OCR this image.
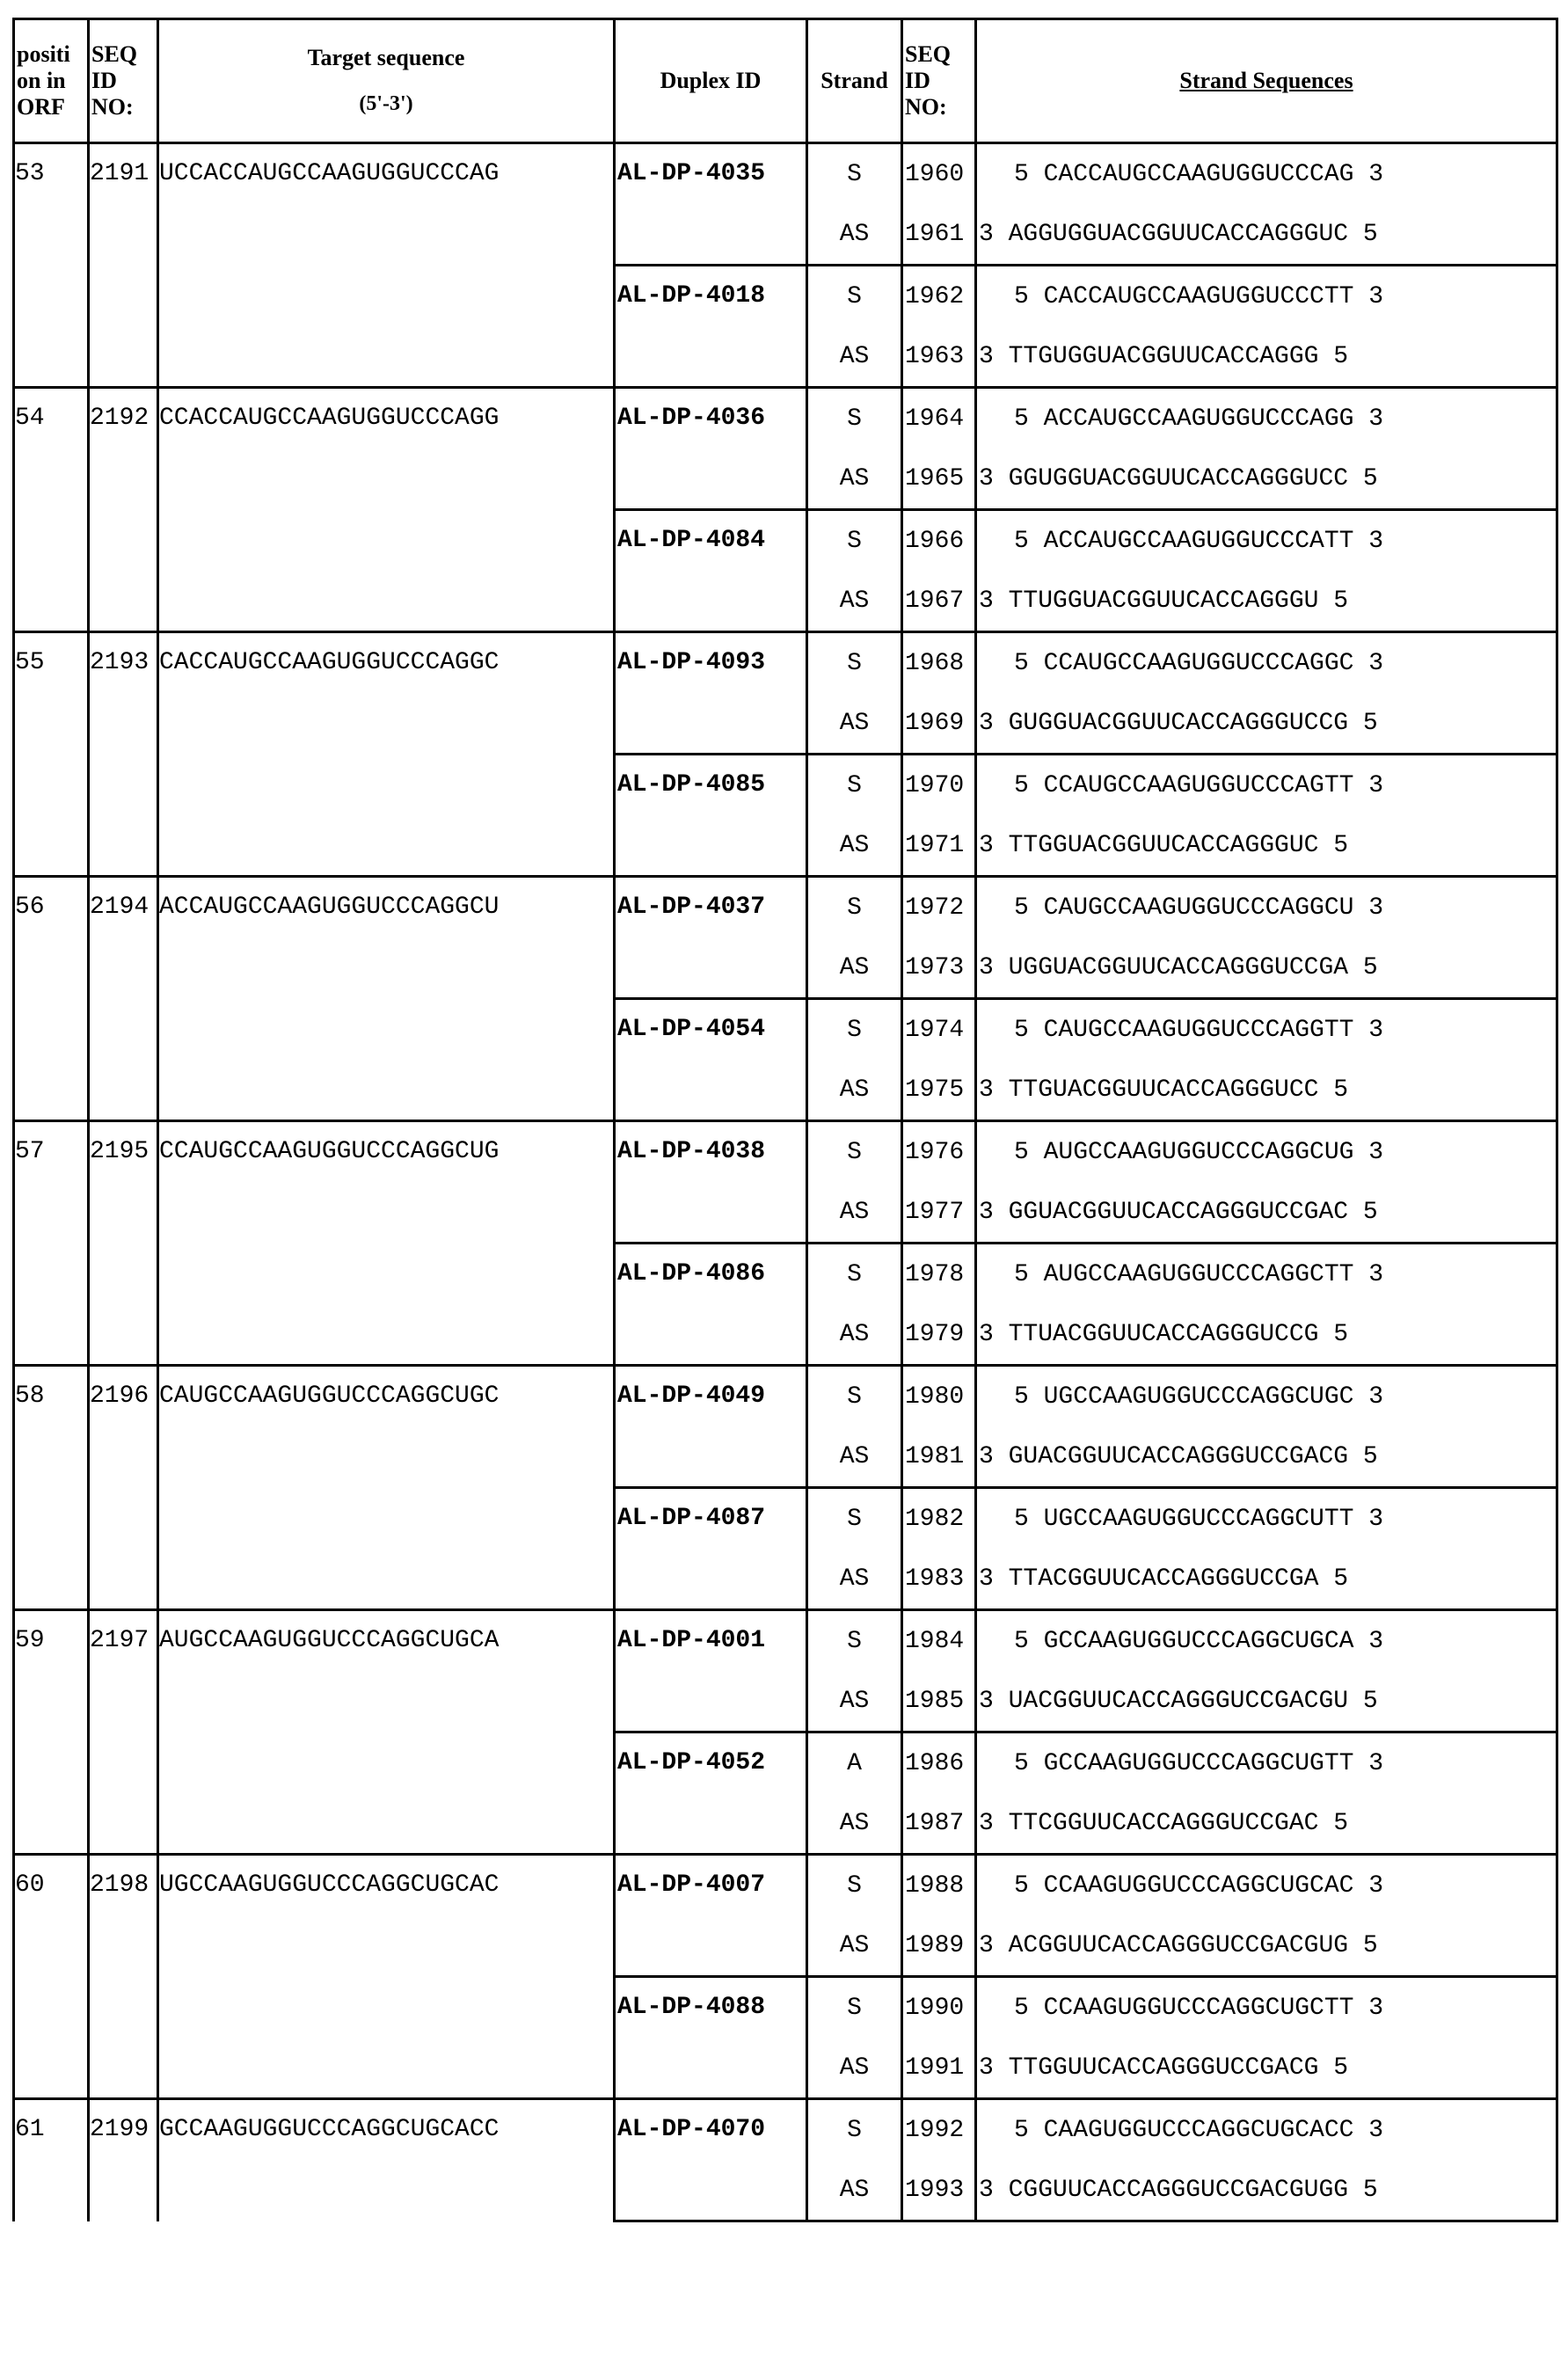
positi on in ORF	SEQ ID NO:	Target sequence
(5'-3')
	Duplex ID	Strand	SEQ ID NO:	Strand Sequences
53	2191	UCCACCAUGCCAAGUGGUCCCAG	AL-DP-4035	S	1960	5 CACCAUGCCAAGUGGUCCCAG 3
AS	1961	3 AGGUGGUACGGUUCACCAGGGUC 5
AL-DP-4018	S	1962	5 CACCAUGCCAAGUGGUCCCTT 3
AS	1963	3 TTGUGGUACGGUUCACCAGGG 5
54	2192	CCACCAUGCCAAGUGGUCCCAGG	AL-DP-4036	S	1964	5 ACCAUGCCAAGUGGUCCCAGG 3
AS	1965	3 GGUGGUACGGUUCACCAGGGUCC 5
AL-DP-4084	S	1966	5 ACCAUGCCAAGUGGUCCCATT 3
AS	1967	3 TTUGGUACGGUUCACCAGGGU 5
55	2193	CACCAUGCCAAGUGGUCCCAGGC	AL-DP-4093	S	1968	5 CCAUGCCAAGUGGUCCCAGGC 3
AS	1969	3 GUGGUACGGUUCACCAGGGUCCG 5
AL-DP-4085	S	1970	5 CCAUGCCAAGUGGUCCCAGTT 3
AS	1971	3 TTGGUACGGUUCACCAGGGUC 5
56	2194	ACCAUGCCAAGUGGUCCCAGGCU	AL-DP-4037	S	1972	5 CAUGCCAAGUGGUCCCAGGCU 3
AS	1973	3 UGGUACGGUUCACCAGGGUCCGA 5
AL-DP-4054	S	1974	5 CAUGCCAAGUGGUCCCAGGTT 3
AS	1975	3 TTGUACGGUUCACCAGGGUCC 5
57	2195	CCAUGCCAAGUGGUCCCAGGCUG	AL-DP-4038	S	1976	5 AUGCCAAGUGGUCCCAGGCUG 3
AS	1977	3 GGUACGGUUCACCAGGGUCCGAC 5
AL-DP-4086	S	1978	5 AUGCCAAGUGGUCCCAGGCTT 3
AS	1979	3 TTUACGGUUCACCAGGGUCCG 5
58	2196	CAUGCCAAGUGGUCCCAGGCUGC	AL-DP-4049	S	1980	5 UGCCAAGUGGUCCCAGGCUGC 3
AS	1981	3 GUACGGUUCACCAGGGUCCGACG 5
AL-DP-4087	S	1982	5 UGCCAAGUGGUCCCAGGCUTT 3
AS	1983	3 TTACGGUUCACCAGGGUCCGA 5
59	2197	AUGCCAAGUGGUCCCAGGCUGCA	AL-DP-4001	S	1984	5 GCCAAGUGGUCCCAGGCUGCA 3
AS	1985	3 UACGGUUCACCAGGGUCCGACGU 5
AL-DP-4052	A	1986	5 GCCAAGUGGUCCCAGGCUGTT 3
AS	1987	3 TTCGGUUCACCAGGGUCCGAC 5
60	2198	UGCCAAGUGGUCCCAGGCUGCAC	AL-DP-4007	S	1988	5 CCAAGUGGUCCCAGGCUGCAC 3
AS	1989	3 ACGGUUCACCAGGGUCCGACGUG 5
AL-DP-4088	S	1990	5 CCAAGUGGUCCCAGGCUGCTT 3
AS	1991	3 TTGGUUCACCAGGGUCCGACG 5
61	2199	GCCAAGUGGUCCCAGGCUGCACC	AL-DP-4070	S	1992	5 CAAGUGGUCCCAGGCUGCACC 3
AS	1993	3 CGGUUCACCAGGGUCCGACGUGG 5
